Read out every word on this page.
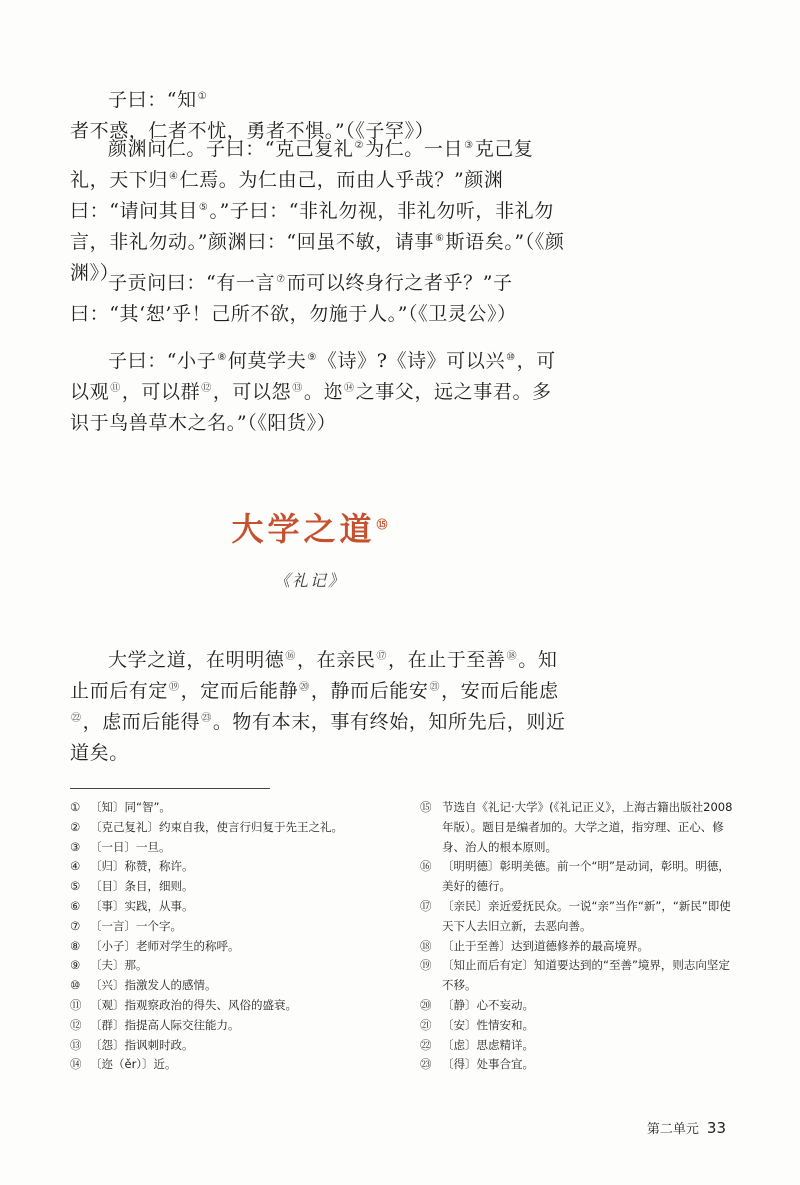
子曰：“知①者不惑，仁者不忧，勇者不惧。”（《子罕》）

颜渊问仁。子曰：“克己复礼②为仁。一日③克己复礼，天下归④仁焉。为仁由己，而由人乎哉？”颜渊曰：“请问其目⑤。”子曰：“非礼勿视，非礼勿听，非礼勿言，非礼勿动。”颜渊曰：“回虽不敏，请事⑥斯语矣。”（《颜渊》）

子贡问曰：“有一言⑦而可以终身行之者乎？”子曰：“其‘恕’乎！己所不欲，勿施于人。”（《卫灵公》）

子曰：“小子⑧何莫学夫⑨《诗》?《诗》可以兴⑩，可以观⑪，可以群⑫，可以怨⑬。迩⑭之事父，远之事君。多识于鸟兽草木之名。”（《阳货》）

大学之道⑮
《礼记》

大学之道，在明明德⑯，在亲民⑰，在止于至善⑱。知止而后有定⑲，定而后能静⑳，静而后能安$^㉑$，安而后能虑$^㉒$，虑而后能得$^㉓$。物有本末，事有终始，知所先后，则近道矣。

① 〔知〕同“智”。
② 〔克己复礼〕约束自我，使言行归复于先王之礼。
③ 〔一日〕一旦。
④ 〔归〕称赞，称许。
⑤ 〔目〕条目，细则。
⑥ 〔事〕实践，从事。
⑦ 〔一言〕一个字。
⑧ 〔小子〕老师对学生的称呼。
⑨ 〔夫〕那。
⑩ 〔兴〕指激发人的感情。
⑪ 〔观〕指观察政治的得失、风俗的盛衰。
⑫ 〔群〕指提高人际交往能力。
⑬ 〔怨〕指讽刺时政。
⑭ 〔迩（ěr）〕近。
⑮ 节选自《礼记·大学》(《礼记正义》，上海古籍出版社2008年版）。题目是编者加的。大学之道，指穷理、正心、修身、治人的根本原则。
⑯ 〔明明德〕彰明美德。前一个“明”是动词，彰明。明德，美好的德行。
⑰ 〔亲民〕亲近爱抚民众。一说“亲”当作“新”，“新民”即使天下人去旧立新，去恶向善。
⑱ 〔止于至善〕达到道德修养的最高境界。
⑲ 〔知止而后有定〕知道要达到的“至善”境界，则志向坚定不移。
⑳ 〔静〕心不妄动。
㉑ 〔安〕性情安和。
㉒ 〔虑〕思虑精详。
㉓ 〔得〕处事合宜。
第二单元 33
